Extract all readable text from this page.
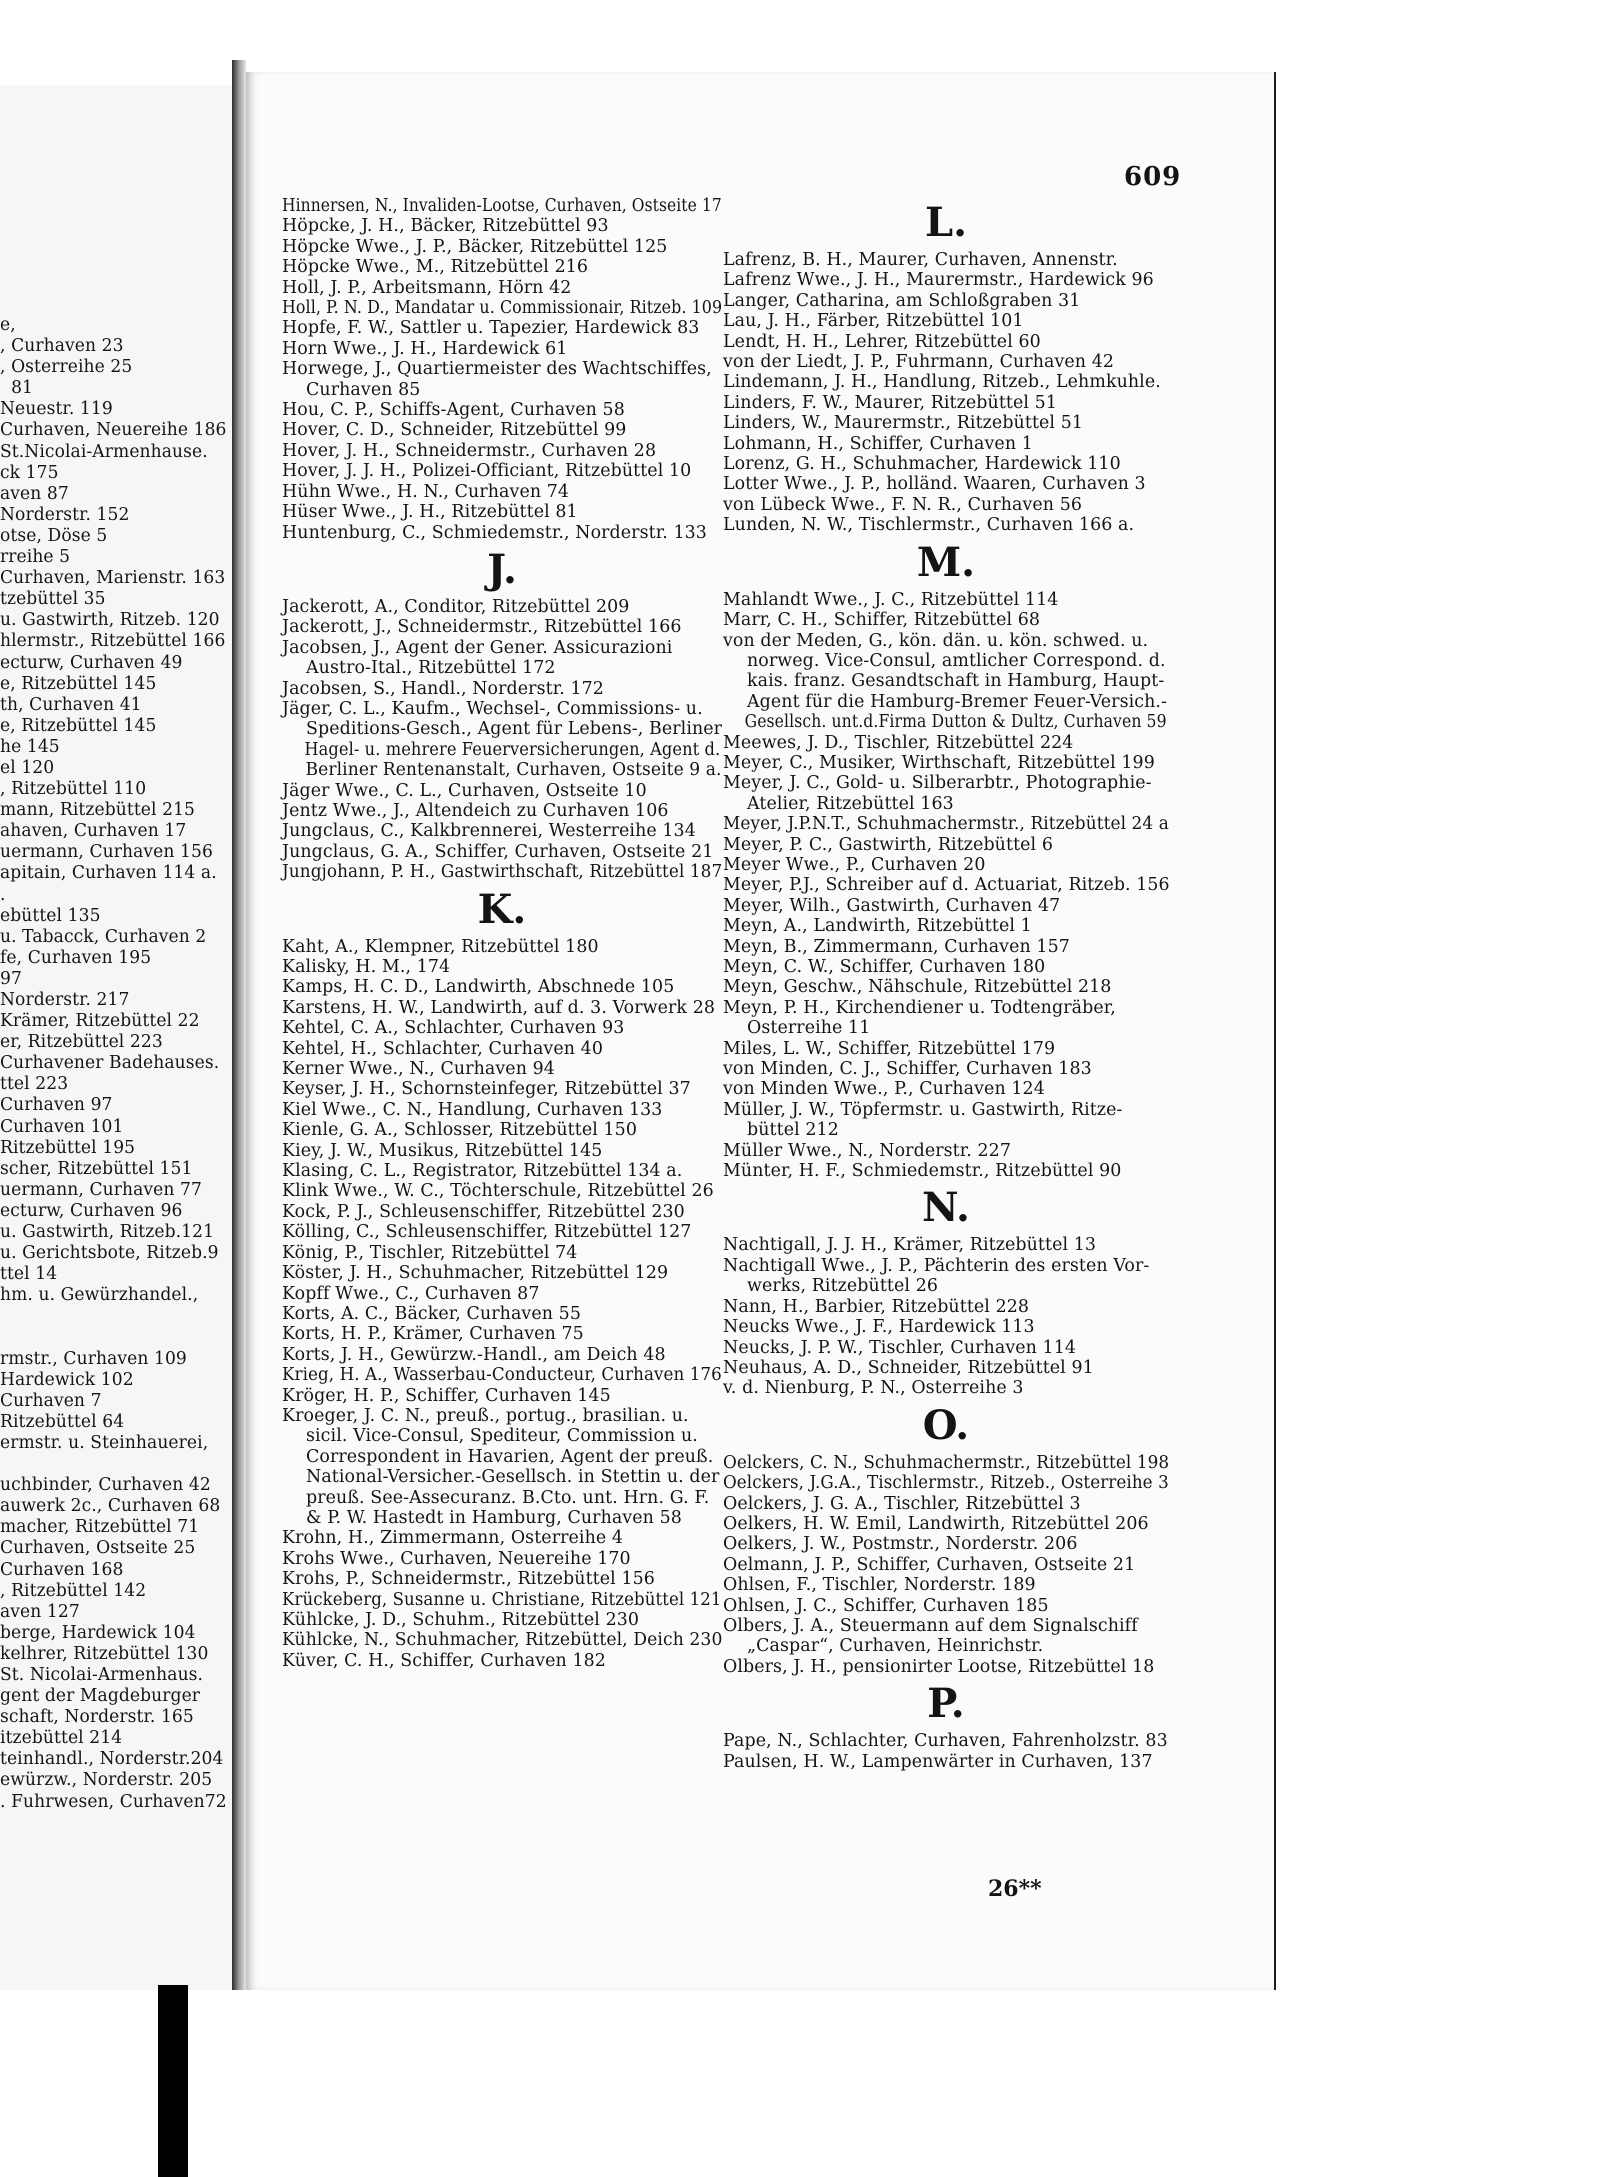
e,
, Curhaven 23
, Osterreihe 25
81
Neuestr. 119
Curhaven, Neuereihe 186
St.Nicolai-Armenhause.
ck 175
aven 87
Norderstr. 152
otse, Döse 5
rreihe 5
Curhaven, Marienstr. 163
tzebüttel 35
u. Gastwirth, Ritzeb. 120
hlermstr., Ritzebüttel 166
ecturw, Curhaven 49
e, Ritzebüttel 145
th, Curhaven 41
e, Ritzebüttel 145
he 145
el 120
, Ritzebüttel 110
mann, Ritzebüttel 215
ahaven, Curhaven 17
uermann, Curhaven 156
apitain, Curhaven 114 a.
.
ebüttel 135
u. Tabacck, Curhaven 2
fe, Curhaven 195
97
Norderstr. 217
Krämer, Ritzebüttel 22
er, Ritzebüttel 223
Curhavener Badehauses.
ttel 223
Curhaven 97
Curhaven 101
Ritzebüttel 195
scher, Ritzebüttel 151
uermann, Curhaven 77
ecturw, Curhaven 96
u. Gastwirth, Ritzeb.121
u. Gerichtsbote, Ritzeb.9
ttel 14
hm. u. Gewürzhandel.,

rmstr., Curhaven 109
Hardewick 102
Curhaven 7
Ritzebüttel 64
ermstr. u. Steinhauerei,

uchbinder, Curhaven 42
auwerk 2c., Curhaven 68
macher, Ritzebüttel 71
Curhaven, Ostseite 25
Curhaven 168
, Ritzebüttel 142
aven 127
berge, Hardewick 104
kelhrer, Ritzebüttel 130
St. Nicolai-Armenhaus.
gent der Magdeburger
schaft, Norderstr. 165
itzebüttel 214
teinhandl., Norderstr.204
ewürzw., Norderstr. 205
. Fuhrwesen, Curhaven72
609
Hinnersen, N., Invaliden-Lootse, Curhaven, Ostseite 17
Höpcke, J. H., Bäcker, Ritzebüttel 93
Höpcke Wwe., J. P., Bäcker, Ritzebüttel 125
Höpcke Wwe., M., Ritzebüttel 216
Holl, J. P., Arbeitsmann, Hörn 42
Holl, P. N. D., Mandatar u. Commissionair, Ritzeb. 109
Hopfe, F. W., Sattler u. Tapezier, Hardewick 83
Horn Wwe., J. H., Hardewick 61
Horwege, J., Quartiermeister des Wachtschiffes,
Curhaven 85
Hou, C. P., Schiffs-Agent, Curhaven 58
Hover, C. D., Schneider, Ritzebüttel 99
Hover, J. H., Schneidermstr., Curhaven 28
Hover, J. J. H., Polizei-Officiant, Ritzebüttel 10
Hühn Wwe., H. N., Curhaven 74
Hüser Wwe., J. H., Ritzebüttel 81
Huntenburg, C., Schmiedemstr., Norderstr. 133
J.
Jackerott, A., Conditor, Ritzebüttel 209
Jackerott, J., Schneidermstr., Ritzebüttel 166
Jacobsen, J., Agent der Gener. Assicurazioni
Austro-Ital., Ritzebüttel 172
Jacobsen, S., Handl., Norderstr. 172
Jäger, C. L., Kaufm., Wechsel-, Commissions- u.
Speditions-Gesch., Agent für Lebens-, Berliner
Hagel- u. mehrere Feuerversicherungen, Agent d.
Berliner Rentenanstalt, Curhaven, Ostseite 9 a.
Jäger Wwe., C. L., Curhaven, Ostseite 10
Jentz Wwe., J., Altendeich zu Curhaven 106
Jungclaus, C., Kalkbrennerei, Westerreihe 134
Jungclaus, G. A., Schiffer, Curhaven, Ostseite 21
Jungjohann, P. H., Gastwirthschaft, Ritzebüttel 187
K.
Kaht, A., Klempner, Ritzebüttel 180
Kalisky, H. M., 174
Kamps, H. C. D., Landwirth, Abschnede 105
Karstens, H. W., Landwirth, auf d. 3. Vorwerk 28
Kehtel, C. A., Schlachter, Curhaven 93
Kehtel, H., Schlachter, Curhaven 40
Kerner Wwe., N., Curhaven 94
Keyser, J. H., Schornsteinfeger, Ritzebüttel 37
Kiel Wwe., C. N., Handlung, Curhaven 133
Kienle, G. A., Schlosser, Ritzebüttel 150
Kiey, J. W., Musikus, Ritzebüttel 145
Klasing, C. L., Registrator, Ritzebüttel 134 a.
Klink Wwe., W. C., Töchterschule, Ritzebüttel 26
Kock, P. J., Schleusenschiffer, Ritzebüttel 230
Kölling, C., Schleusenschiffer, Ritzebüttel 127
König, P., Tischler, Ritzebüttel 74
Köster, J. H., Schuhmacher, Ritzebüttel 129
Kopff Wwe., C., Curhaven 87
Korts, A. C., Bäcker, Curhaven 55
Korts, H. P., Krämer, Curhaven 75
Korts, J. H., Gewürzw.-Handl., am Deich 48
Krieg, H. A., Wasserbau-Conducteur, Curhaven 176
Kröger, H. P., Schiffer, Curhaven 145
Kroeger, J. C. N., preuß., portug., brasilian. u.
sicil. Vice-Consul, Spediteur, Commission u.
Correspondent in Havarien, Agent der preuß.
National-Versicher.-Gesellsch. in Stettin u. der
preuß. See-Assecuranz. B.Cto. unt. Hrn. G. F.
& P. W. Hastedt in Hamburg, Curhaven 58
Krohn, H., Zimmermann, Osterreihe 4
Krohs Wwe., Curhaven, Neuereihe 170
Krohs, P., Schneidermstr., Ritzebüttel 156
Krückeberg, Susanne u. Christiane, Ritzebüttel 121
Kühlcke, J. D., Schuhm., Ritzebüttel 230
Kühlcke, N., Schuhmacher, Ritzebüttel, Deich 230
Küver, C. H., Schiffer, Curhaven 182
L.
Lafrenz, B. H., Maurer, Curhaven, Annenstr.
Lafrenz Wwe., J. H., Maurermstr., Hardewick 96
Langer, Catharina, am Schloßgraben 31
Lau, J. H., Färber, Ritzebüttel 101
Lendt, H. H., Lehrer, Ritzebüttel 60
von der Liedt, J. P., Fuhrmann, Curhaven 42
Lindemann, J. H., Handlung, Ritzeb., Lehmkuhle.
Linders, F. W., Maurer, Ritzebüttel 51
Linders, W., Maurermstr., Ritzebüttel 51
Lohmann, H., Schiffer, Curhaven 1
Lorenz, G. H., Schuhmacher, Hardewick 110
Lotter Wwe., J. P., holländ. Waaren, Curhaven 3
von Lübeck Wwe., F. N. R., Curhaven 56
Lunden, N. W., Tischlermstr., Curhaven 166 a.
M.
Mahlandt Wwe., J. C., Ritzebüttel 114
Marr, C. H., Schiffer, Ritzebüttel 68
von der Meden, G., kön. dän. u. kön. schwed. u.
norweg. Vice-Consul, amtlicher Correspond. d.
kais. franz. Gesandtschaft in Hamburg, Haupt-
Agent für die Hamburg-Bremer Feuer-Versich.-
Gesellsch. unt.d.Firma Dutton & Dultz, Curhaven 59
Meewes, J. D., Tischler, Ritzebüttel 224
Meyer, C., Musiker, Wirthschaft, Ritzebüttel 199
Meyer, J. C., Gold- u. Silberarbtr., Photographie-
Atelier, Ritzebüttel 163
Meyer, J.P.N.T., Schuhmachermstr., Ritzebüttel 24 a
Meyer, P. C., Gastwirth, Ritzebüttel 6
Meyer Wwe., P., Curhaven 20
Meyer, P.J., Schreiber auf d. Actuariat, Ritzeb. 156
Meyer, Wilh., Gastwirth, Curhaven 47
Meyn, A., Landwirth, Ritzebüttel 1
Meyn, B., Zimmermann, Curhaven 157
Meyn, C. W., Schiffer, Curhaven 180
Meyn, Geschw., Nähschule, Ritzebüttel 218
Meyn, P. H., Kirchendiener u. Todtengräber,
Osterreihe 11
Miles, L. W., Schiffer, Ritzebüttel 179
von Minden, C. J., Schiffer, Curhaven 183
von Minden Wwe., P., Curhaven 124
Müller, J. W., Töpfermstr. u. Gastwirth, Ritze-
büttel 212
Müller Wwe., N., Norderstr. 227
Münter, H. F., Schmiedemstr., Ritzebüttel 90
N.
Nachtigall, J. J. H., Krämer, Ritzebüttel 13
Nachtigall Wwe., J. P., Pächterin des ersten Vor-
werks, Ritzebüttel 26
Nann, H., Barbier, Ritzebüttel 228
Neucks Wwe., J. F., Hardewick 113
Neucks, J. P. W., Tischler, Curhaven 114
Neuhaus, A. D., Schneider, Ritzebüttel 91
v. d. Nienburg, P. N., Osterreihe 3
O.
Oelckers, C. N., Schuhmachermstr., Ritzebüttel 198
Oelckers, J.G.A., Tischlermstr., Ritzeb., Osterreihe 3
Oelckers, J. G. A., Tischler, Ritzebüttel 3
Oelkers, H. W. Emil, Landwirth, Ritzebüttel 206
Oelkers, J. W., Postmstr., Norderstr. 206
Oelmann, J. P., Schiffer, Curhaven, Ostseite 21
Ohlsen, F., Tischler, Norderstr. 189
Ohlsen, J. C., Schiffer, Curhaven 185
Olbers, J. A., Steuermann auf dem Signalschiff
„Caspar“, Curhaven, Heinrichstr.
Olbers, J. H., pensionirter Lootse, Ritzebüttel 18
P.
Pape, N., Schlachter, Curhaven, Fahrenholzstr. 83
Paulsen, H. W., Lampenwärter in Curhaven, 137
26**
